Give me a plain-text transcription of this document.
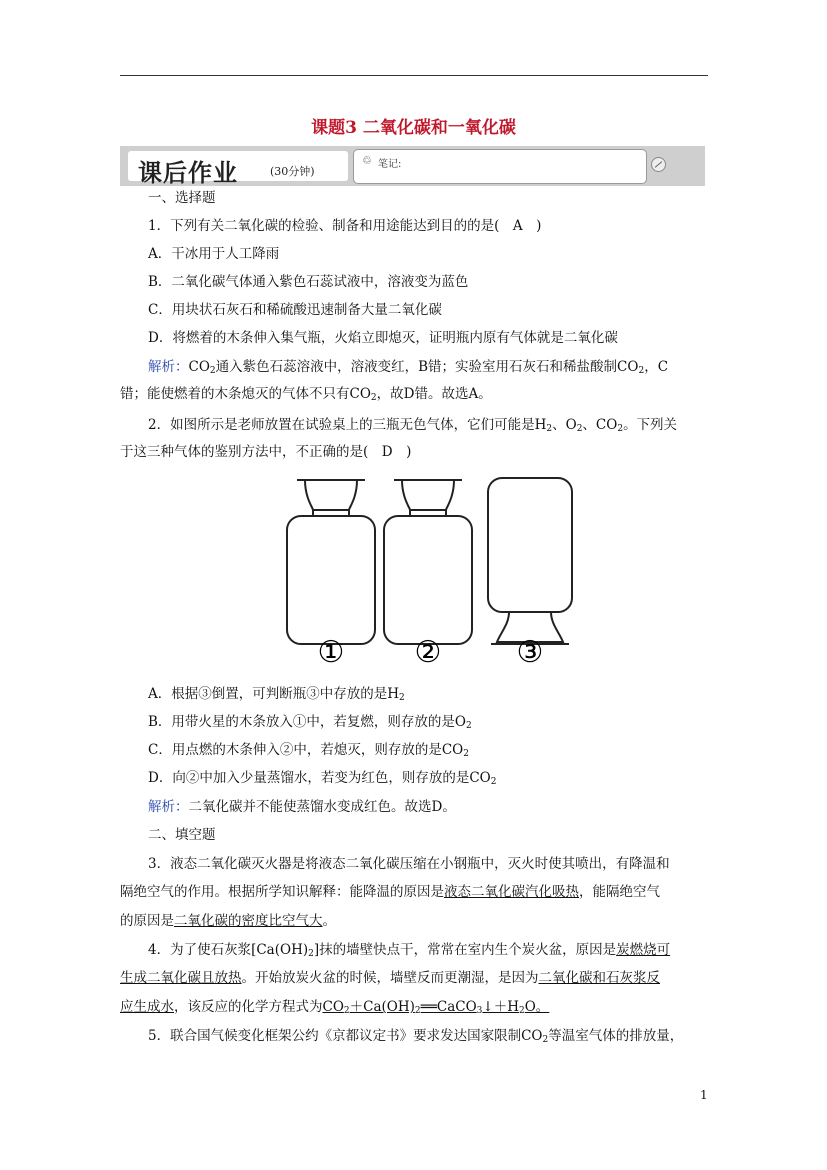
课题3 二氧化碳和一氧化碳
课后作业	(30分钟)
♲ 笔记:
一、选择题
1．下列有关二氧化碳的检验、制备和用途能达到目的的是(　A　)
A．干冰用于人工降雨
B．二氧化碳气体通入紫色石蕊试液中，溶液变为蓝色
C．用块状石灰石和稀硫酸迅速制备大量二氧化碳
D．将燃着的木条伸入集气瓶，火焰立即熄灭，证明瓶内原有气体就是二氧化碳
解析：$CO_2$通入紫色石蕊溶液中，溶液变红，B错；实验室用石灰石和稀盐酸制$CO_2$，C
错；能使燃着的木条熄灭的气体不只有$CO_2$，故D错。故选A。
2．如图所示是老师放置在试验桌上的三瓶无色气体，它们可能是$H_2$、$O_2$、$CO_2$。下列关
于这三种气体的鉴别方法中，不正确的是(　D　)
① ②	③
A．根据③倒置，可判断瓶③中存放的是$H_2$
B．用带火星的木条放入①中，若复燃，则存放的是$O_2$
C．用点燃的木条伸入②中，若熄灭，则存放的是$CO_2$
D．向②中加入少量蒸馏水，若变为红色，则存放的是$CO_2$
解析：二氧化碳并不能使蒸馏水变成红色。故选D。
二、填空题
3．液态二氧化碳灭火器是将液态二氧化碳压缩在小钢瓶中，灭火时使其喷出，有降温和
隔绝空气的作用。根据所学知识解释：能降温的原因是液态二氧化碳汽化吸热，能隔绝空气
的原因是二氧化碳的密度比空气大。
4．为了使石灰浆$[Ca(OH)_2]$抹的墙壁快点干，常常在室内生个炭火盆，原因是炭燃烧可
生成二氧化碳且放热。开始放炭火盆的时候，墙壁反而更潮湿，是因为二氧化碳和石灰浆反
应生成水，该反应的化学方程式为$CO_2+Ca(OH)_2══CaCO_3↓+H_2O$。
5．联合国气候变化框架公约《京都议定书》要求发达国家限制$CO_2$等温室气体的排放量，
1
